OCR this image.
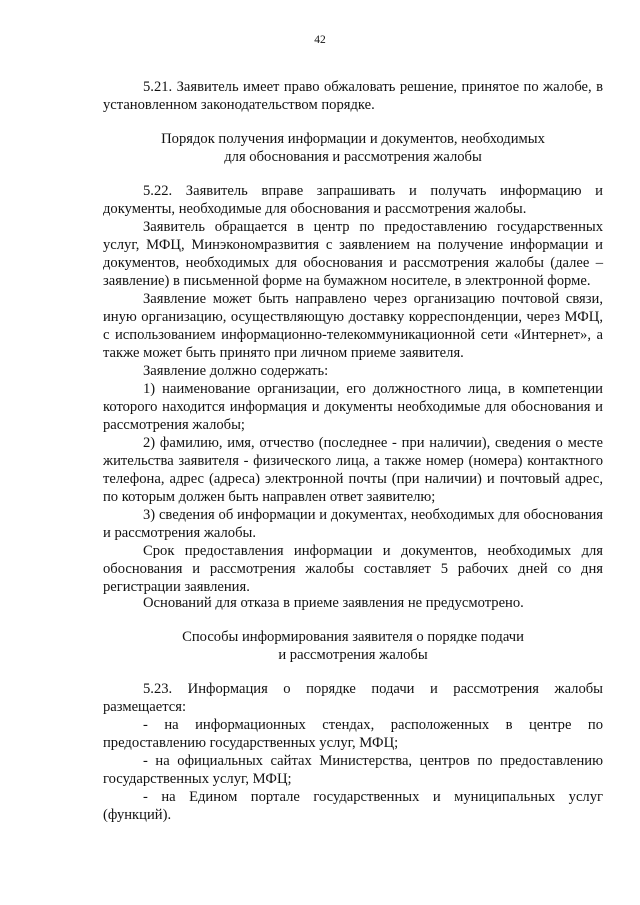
42

5.21. Заявитель имеет право обжаловать решение, принятое по жалобе, в установленном законодательством порядке.

Порядок получения информации и документов, необходимых
для обоснования и рассмотрения жалобы

5.22. Заявитель вправе запрашивать и получать информацию и документы, необходимые для обоснования и рассмотрения жалобы.

Заявитель обращается в центр по предоставлению государственных услуг, МФЦ, Минэкономразвития с заявлением на получение информации и документов, необходимых для обоснования и рассмотрения жалобы (далее – заявление) в письменной форме на бумажном носителе, в электронной форме.

Заявление может быть направлено через организацию почтовой связи, иную организацию, осуществляющую доставку корреспонденции, через МФЦ, с использованием информационно-телекоммуникационной сети «Интернет», а также может быть принято при личном приеме заявителя.

Заявление должно содержать:

1) наименование организации, его должностного лица, в компетенции которого находится информация и документы необходимые для обоснования и рассмотрения жалобы;

2) фамилию, имя, отчество (последнее - при наличии), сведения о месте жительства заявителя - физического лица, а также номер (номера) контактного телефона, адрес (адреса) электронной почты (при наличии) и почтовый адрес, по которым должен быть направлен ответ заявителю;

3) сведения об информации и документах, необходимых для обоснования и рассмотрения жалобы.

Срок предоставления информации и документов, необходимых для обоснования и рассмотрения жалобы составляет 5 рабочих дней со дня регистрации заявления.

Оснований для отказа в приеме заявления не предусмотрено.

Способы информирования заявителя о порядке подачи
и рассмотрения жалобы

5.23. Информация о порядке подачи и рассмотрения жалобы размещается:

- на информационных стендах, расположенных в центре по предоставлению государственных услуг, МФЦ;

- на официальных сайтах Министерства, центров по предоставлению государственных услуг, МФЦ;

- на Едином портале государственных и муниципальных услуг (функций).
